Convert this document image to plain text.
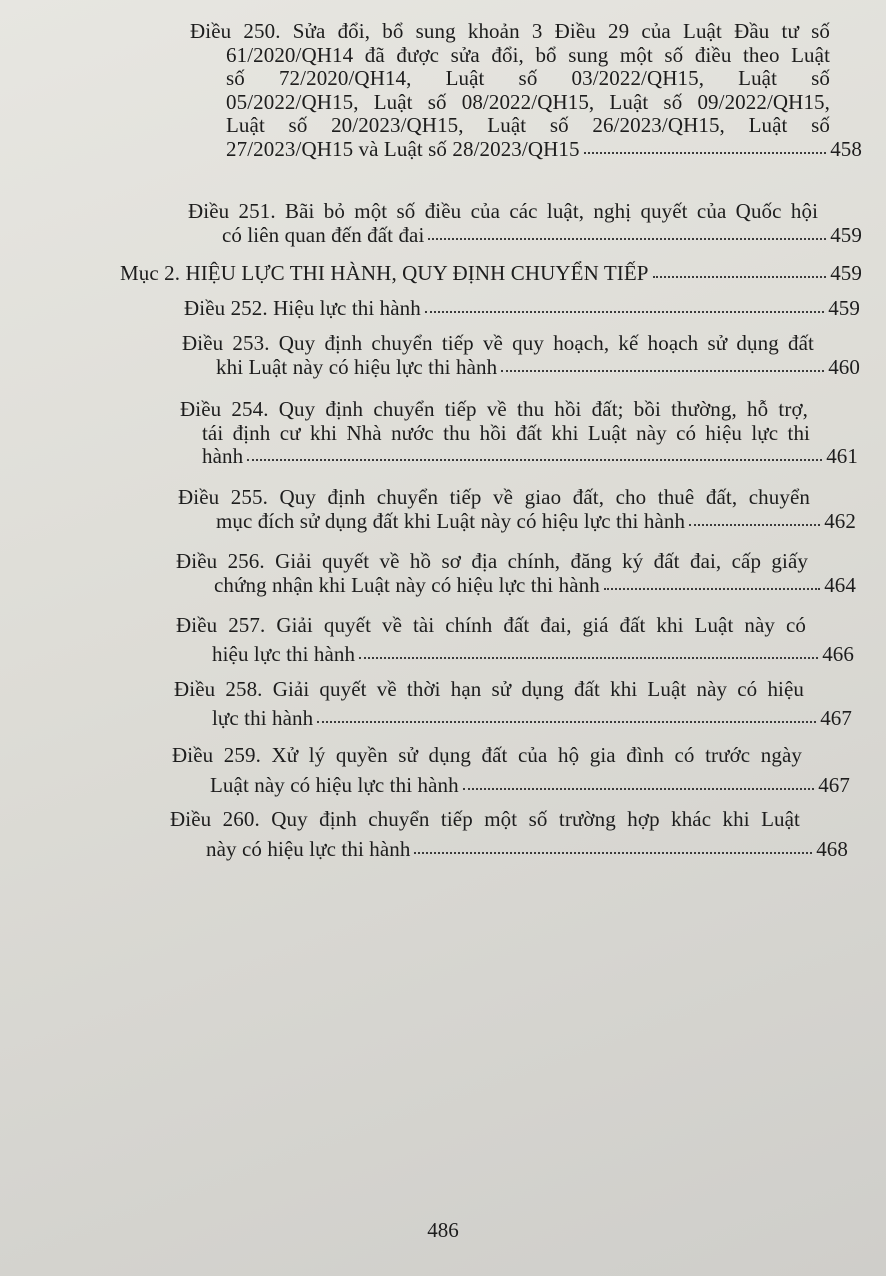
Điều 250. Sửa đổi, bổ sung khoản 3 Điều 29 của Luật Đầu tư số
61/2020/QH14 đã được sửa đổi, bổ sung một số điều theo Luật
số 72/2020/QH14, Luật số 03/2022/QH15, Luật số
05/2022/QH15, Luật số 08/2022/QH15, Luật số 09/2022/QH15,
Luật số 20/2023/QH15, Luật số 26/2023/QH15, Luật số
27/2023/QH15 và Luật số 28/2023/QH15	458
Điều 251. Bãi bỏ một số điều của các luật, nghị quyết của Quốc hội
có liên quan đến đất đai	459
Mục 2. HIỆU LỰC THI HÀNH, QUY ĐỊNH CHUYỂN TIẾP	459
Điều 252. Hiệu lực thi hành	459
Điều 253. Quy định chuyển tiếp về quy hoạch, kế hoạch sử dụng đất
khi Luật này có hiệu lực thi hành	460
Điều 254. Quy định chuyển tiếp về thu hồi đất; bồi thường, hỗ trợ,
tái định cư khi Nhà nước thu hồi đất khi Luật này có hiệu lực thi
hành	461
Điều 255. Quy định chuyển tiếp về giao đất, cho thuê đất, chuyển
mục đích sử dụng đất khi Luật này có hiệu lực thi hành	462
Điều 256. Giải quyết về hồ sơ địa chính, đăng ký đất đai, cấp giấy
chứng nhận khi Luật này có hiệu lực thi hành	464
Điều 257. Giải quyết về tài chính đất đai, giá đất khi Luật này có
hiệu lực thi hành	466
Điều 258. Giải quyết về thời hạn sử dụng đất khi Luật này có hiệu
lực thi hành	467
Điều 259. Xử lý quyền sử dụng đất của hộ gia đình có trước ngày
Luật này có hiệu lực thi hành	467
Điều 260. Quy định chuyển tiếp một số trường hợp khác khi Luật
này có hiệu lực thi hành	468
486
